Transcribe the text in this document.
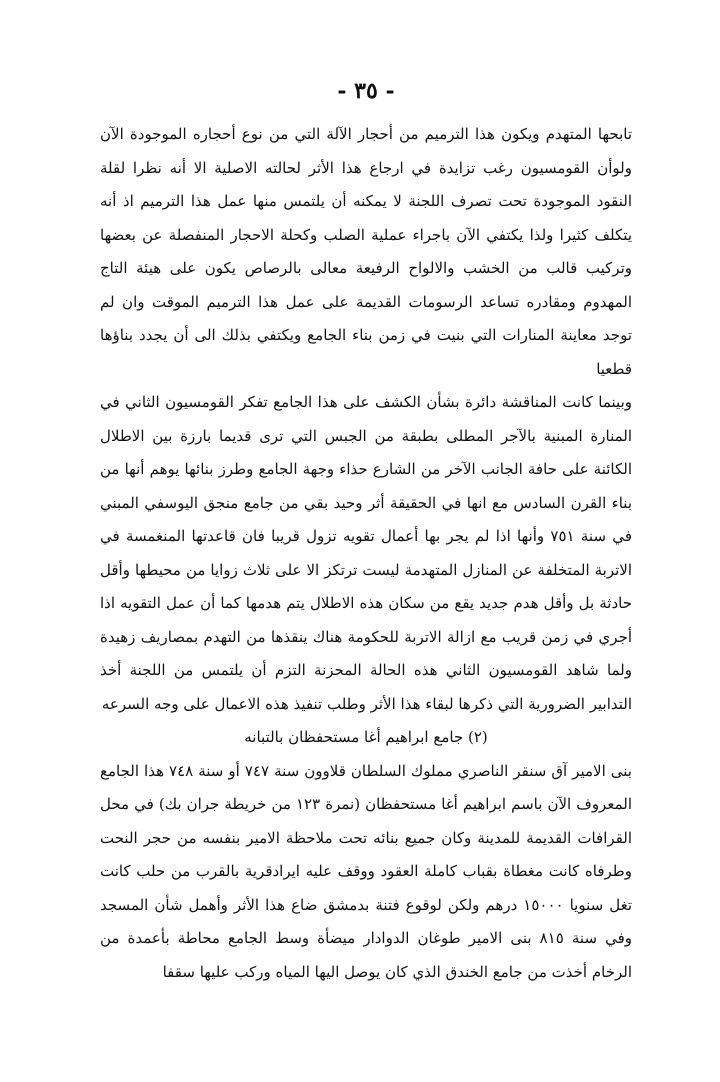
- ٣٥ -

تابحها المتهدم ويكون هذا الترميم من أحجار الآلة التي من نوع أحجاره الموجودة الآن ولوأن القومسيون رغب تزايدة في ارجاع هذا الأثر لحالته الاصلية الا أنه نظرا لقلة النقود الموجودة تحت تصرف اللجنة لا يمكنه أن يلتمس منها عمل هذا الترميم اذ أنه يتكلف كثيرا ولذا يكتفي الآن باجراء عملية الصلب وكحلة الاحجار المنفصلة عن بعضها وتركيب قالب من الخشب والالواح الرفيعة معالى بالرصاص يكون على هيئة التاج المهدوم ومقادره تساعد الرسومات القديمة على عمل هذا الترميم الموقت وان لم توجد معاينة المنارات التي بنيت في زمن بناء الجامع ويكتفي بذلك الى أن يجدد بناؤها قطعيا

وبينما كانت المناقشة دائرة بشأن الكشف على هذا الجامع تفكر القومسيون الثاني في المنارة المبنية بالآجر المطلى بطبقة من الجبس التي ترى قديما بارزة بين الاطلال الكائنة على حافة الجانب الآخر من الشارع حذاء وجهة الجامع وطرز بنائها يوهم أنها من بناء القرن السادس مع انها في الحقيقة أثر وحيد بقي من جامع منجق اليوسفي المبني في سنة ٧٥١ وأنها اذا لم يجر بها أعمال تقويه تزول قريبا فان قاعدتها المنغمسة في الاتربة المتخلفة عن المنازل المتهدمة ليست ترتكز الا على ثلاث زوايا من محيطها وأقل حادثة بل وأقل هدم جديد يقع من سكان هذه الاطلال يتم هدمها كما أن عمل التقويه اذا أجري في زمن قريب مع ازالة الاتربة للحكومة هناك ينقذها من التهدم بمصاريف زهيدة ولما شاهد القومسيون الثاني هذه الحالة المحزنة التزم أن يلتمس من اللجنة أخذ التدابير الضرورية التي ذكرها لبقاء هذا الأثر وطلب تنفيذ هذه الاعمال على وجه السرعه

(٢) جامع ابراهيم أغا مستحفظان بالتبانه

بنى الامير آق سنقر الناصري مملوك السلطان قلاوون سنة ٧٤٧ أو سنة ٧٤٨ هذا الجامع المعروف الآن باسم ابراهيم أغا مستحفظان (نمرة ١٢٣ من خريطة جران بك) في محل القرافات القديمة للمدينة وكان جميع بنائه تحت ملاحظة الامير بنفسه من حجر النحت وطرفاه كانت مغطاة بقباب كاملة العقود ووقف عليه ايرادقرية بالقرب من حلب كانت تغل سنويا ١٥٠٠٠ درهم ولكن لوقوع فتنة بدمشق ضاع هذا الأثر وأهمل شأن المسجد وفي سنة ٨١٥ بنى الامير طوغان الدوادار ميضأة وسط الجامع محاطة بأعمدة من الرخام أخذت من جامع الخندق الذي كان يوصل اليها المياه وركب عليها سقفا
